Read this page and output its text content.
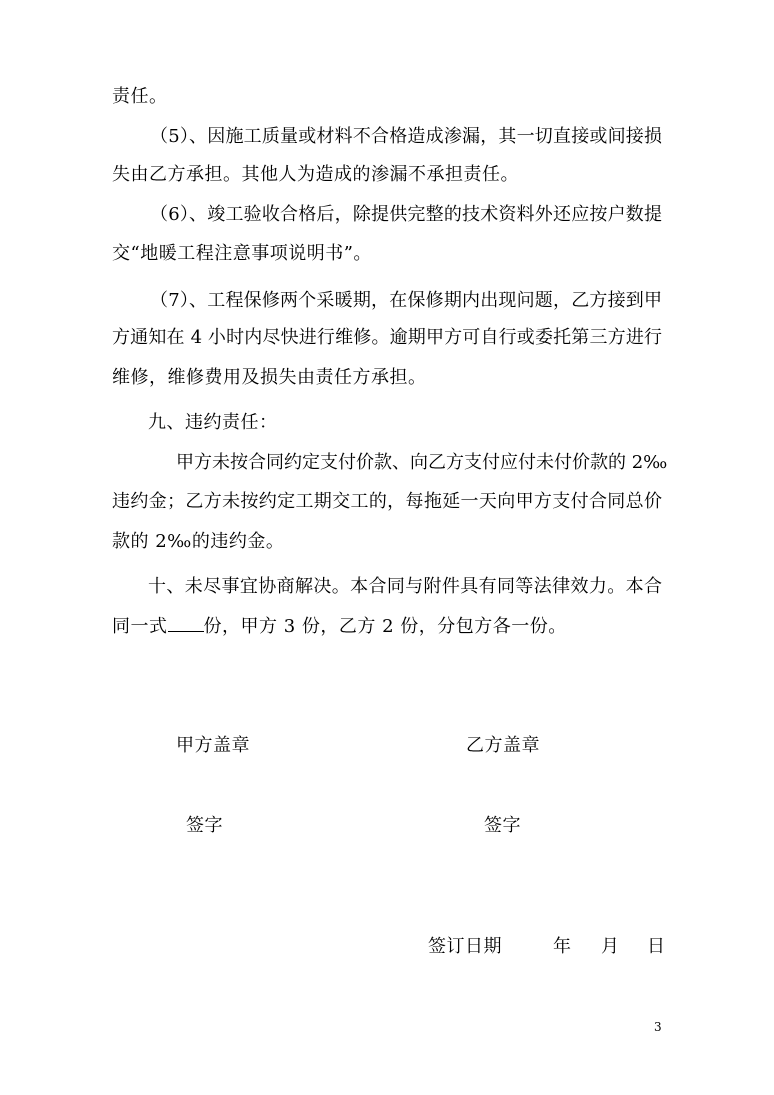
责任。
（5）、因施工质量或材料不合格造成渗漏，其一切直接或间接损
失由乙方承担。其他人为造成的渗漏不承担责任。
（6）、竣工验收合格后，除提供完整的技术资料外还应按户数提
交“地暖工程注意事项说明书”。
（7）、工程保修两个采暖期，在保修期内出现问题，乙方接到甲
方通知在 4 小时内尽快进行维修。逾期甲方可自行或委托第三方进行
维修，维修费用及损失由责任方承担。
九、违约责任：
甲方未按合同约定支付价款、向乙方支付应付未付价款的 2‰
违约金；乙方未按约定工期交工的，每拖延一天向甲方支付合同总价
款的 2‰的违约金。
十、未尽事宜协商解决。本合同与附件具有同等法律效力。本合
同一式 份，甲方 3 份，乙方 2 份，分包方各一份。
甲方盖章	乙方盖章
签字	签字
签订日期	年 月 日
3
